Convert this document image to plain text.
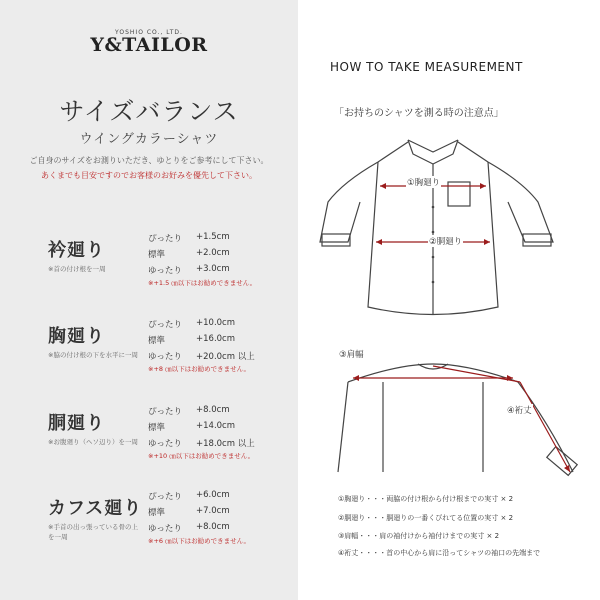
YOSHIO CO., LTD.
Y&TAILOR
サイズバランス
ウイングカラーシャツ
ご自身のサイズをお測りいただき、ゆとりをご参考にして下さい。
あくまでも目安ですのでお客様のお好みを優先して下さい。
衿廻り
※首の付け根を一周
ぴったり +1.5cm
標準	+2.0cm
ゆったり +3.0cm
※+1.5 ㎝以下はお勧めできません。
胸廻り
※脇の付け根の下を水平に一周
ぴったり +10.0cm
標準	+16.0cm
ゆったり +20.0cm 以上
※+8 ㎝以下はお勧めできません。
胴廻り
※お腹廻り（ヘソ辺り）を一周
ぴったり +8.0cm
標準	+14.0cm
ゆったり +18.0cm 以上
※+10 ㎝以下はお勧めできません。
カフス廻り
※手首の出っ張っている骨の上を一周
ぴったり +6.0cm
標準	+7.0cm
ゆったり +8.0cm
※+6 ㎝以下はお勧めできません。
HOW TO TAKE MEASUREMENT
「お持ちのシャツを測る時の注意点」
①胸廻り
②胴廻り
③肩幅
④裄丈
①胸廻り・・・両脇の付け根から付け根までの実寸 × 2
②胴廻り・・・胴廻りの一番くびれてる位置の実寸 × 2
③肩幅・・・肩の袖付けから袖付けまでの実寸 × 2
④裄丈・・・・首の中心から肩に沿ってシャツの袖口の先端まで
